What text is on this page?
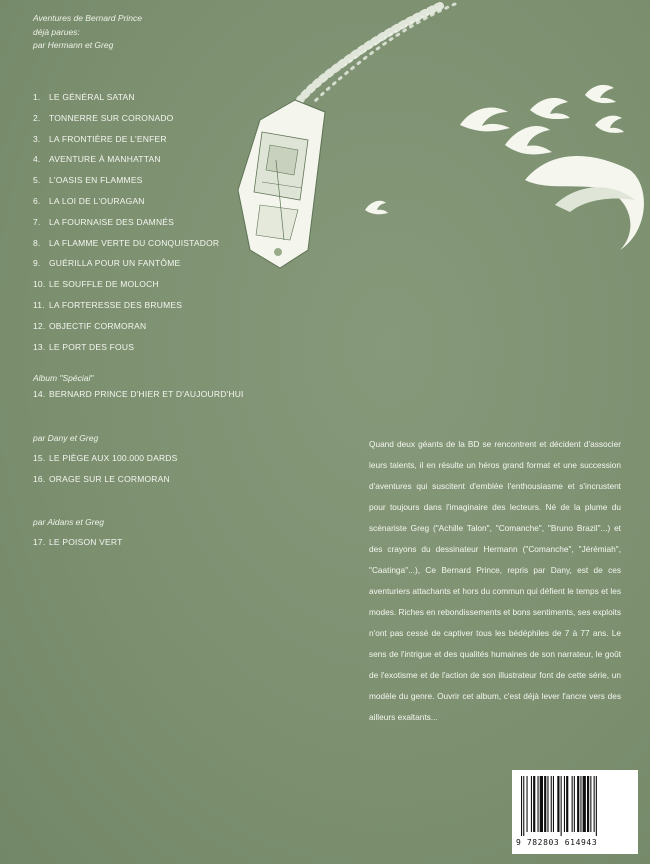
Aventures de Bernard Prince
déjà parues:
par Hermann et Greg
1. LE GÉNÉRAL SATAN
2. TONNERRE SUR CORONADO
3. LA FRONTIÈRE DE L'ENFER
4. AVENTURE À MANHATTAN
5. L'OASIS EN FLAMMES
6. LA LOI DE L'OURAGAN
7. LA FOURNAISE DES DAMNÉS
8. LA FLAMME VERTE DU CONQUISTADOR
9. GUÉRILLA POUR UN FANTÔME
10. LE SOUFFLE DE MOLOCH
11. LA FORTERESSE DES BRUMES
12. OBJECTIF CORMORAN
13. LE PORT DES FOUS
Album "Spécial"
14. BERNARD PRINCE D'HIER ET D'AUJOURD'HUI
par Dany et Greg
15. LE PIÈGE AUX 100.000 DARDS
16. ORAGE SUR LE CORMORAN
par Aidans et Greg
17. LE POISON VERT

Quand deux géants de la BD se rencontrent et décident d'associer leurs talents, il en résulte un héros grand format et une succession d'aventures qui suscitent d'emblée l'enthousiasme et s'incrustent pour toujours dans l'imaginaire des lecteurs. Né de la plume du scénariste Greg ("Achille Talon", "Comanche", "Bruno Brazil"...) et des crayons du dessinateur Hermann ("Comanche", "Jérémiah", "Caatinga"...), Ce Bernard Prince, repris par Dany, est de ces aventuriers attachants et hors du commun qui défient le temps et les modes. Riches en rebondissements et bons sentiments, ses exploits n'ont pas cessé de captiver tous les bédéphiles de 7 à 77 ans. Le sens de l'intrigue et des qualités humaines de son narrateur, le goût de l'exotisme et de l'action de son illustrateur font de cette série, un modèle du genre. Ouvrir cet album, c'est déjà lever l'ancre vers des ailleurs exaltants...

9 782803 614943
